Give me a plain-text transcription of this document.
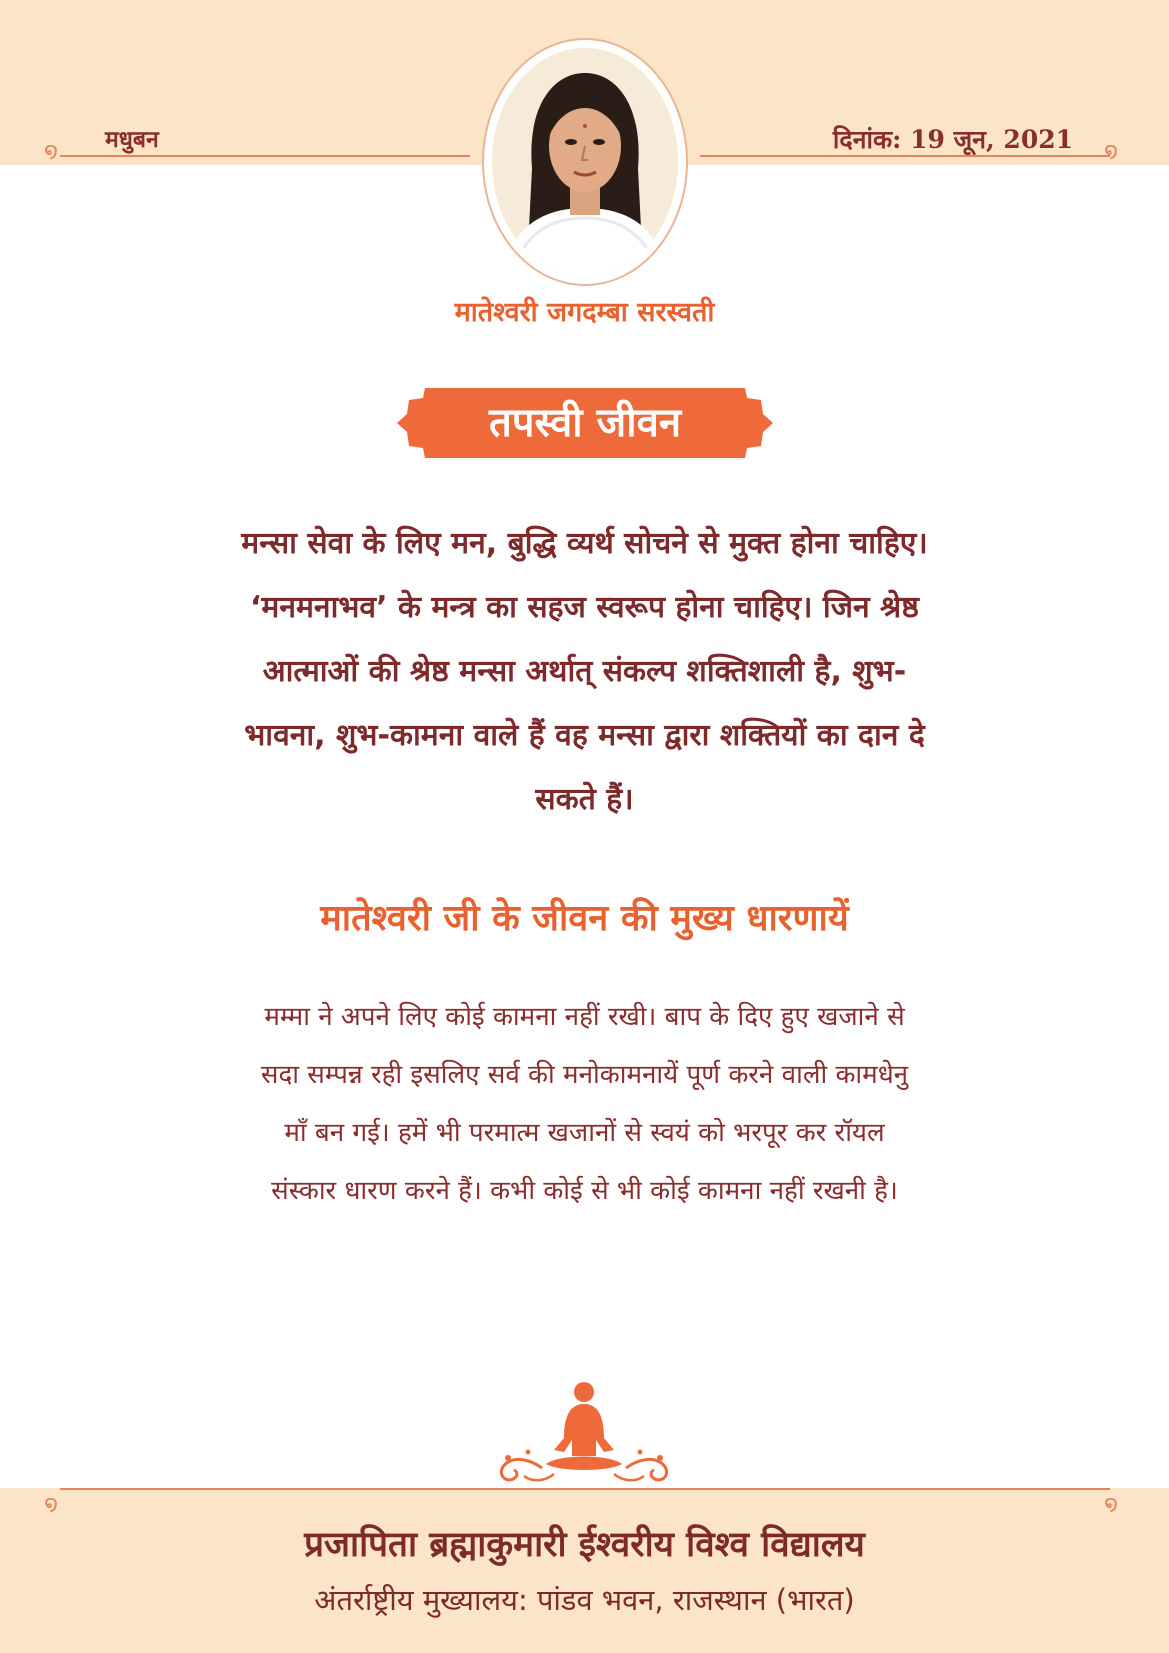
໑	໑
मधुबन	दिनांक: 19 जून, 2021
मातेश्वरी जगदम्बा सरस्वती
तपस्वी जीवन
मन्सा सेवा के लिए मन, बुद्धि व्यर्थ सोचने से मुक्त होना चाहिए। ‘मनमनाभव’ के मन्त्र का सहज स्वरूप होना चाहिए। जिन श्रेष्ठ आत्माओं की श्रेष्ठ मन्सा अर्थात् संकल्प शक्तिशाली है, शुभ-भावना, शुभ-कामना वाले हैं वह मन्सा द्वारा शक्तियों का दान दे सकते हैं।
मातेश्वरी जी के जीवन की मुख्य धारणायें
मम्मा ने अपने लिए कोई कामना नहीं रखी। बाप के दिए हुए खजाने से सदा सम्पन्न रही इसलिए सर्व की मनोकामनायें पूर्ण करने वाली कामधेनु माँ बन गई। हमें भी परमात्म खजानों से स्वयं को भरपूर कर रॉयल संस्कार धारण करने हैं। कभी कोई से भी कोई कामना नहीं रखनी है।
໑	໑
प्रजापिता ब्रह्माकुमारी ईश्वरीय विश्व विद्यालय
अंतर्राष्ट्रीय मुख्यालय: पांडव भवन, राजस्थान (भारत)
